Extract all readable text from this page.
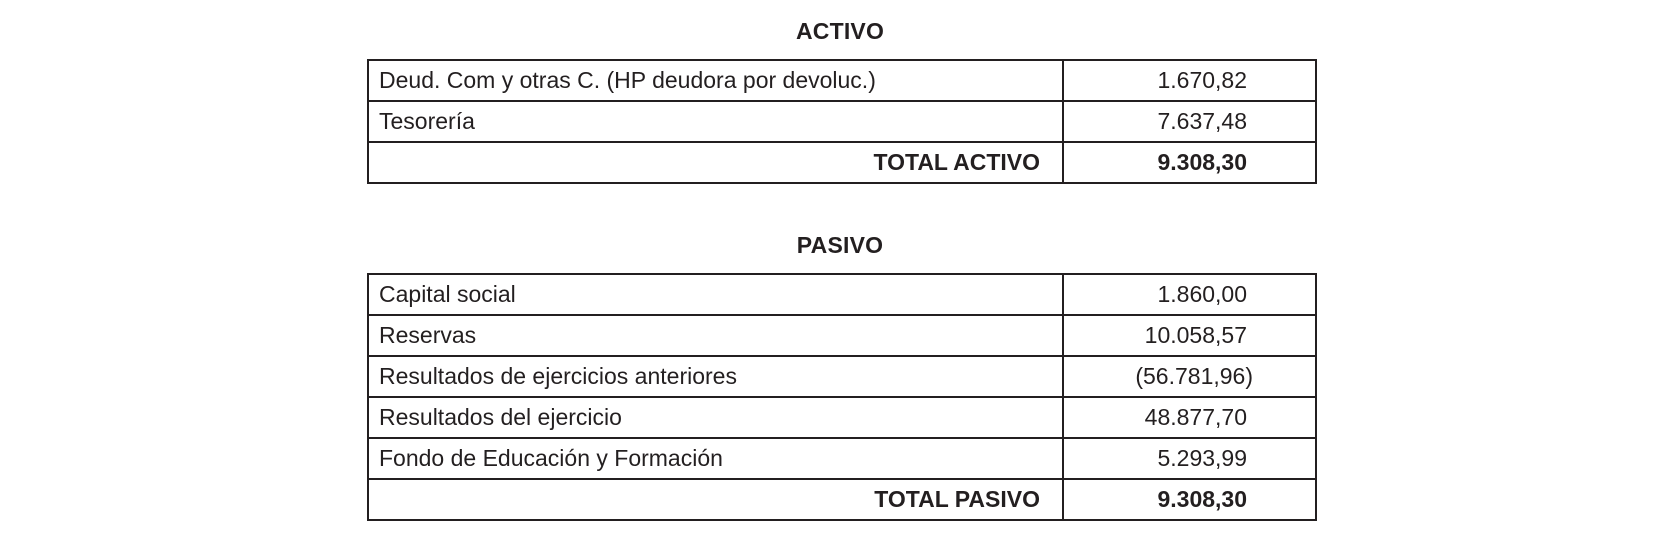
ACTIVO
Deud. Com y otras C. (HP deudora por devoluc.)	1.670,82
Tesorería	7.637,48
TOTAL ACTIVO	9.308,30
PASIVO
Capital social	1.860,00
Reservas	10.058,57
Resultados de ejercicios anteriores	(56.781,96)
Resultados del ejercicio	48.877,70
Fondo de Educación y Formación	5.293,99
TOTAL PASIVO	9.308,30
